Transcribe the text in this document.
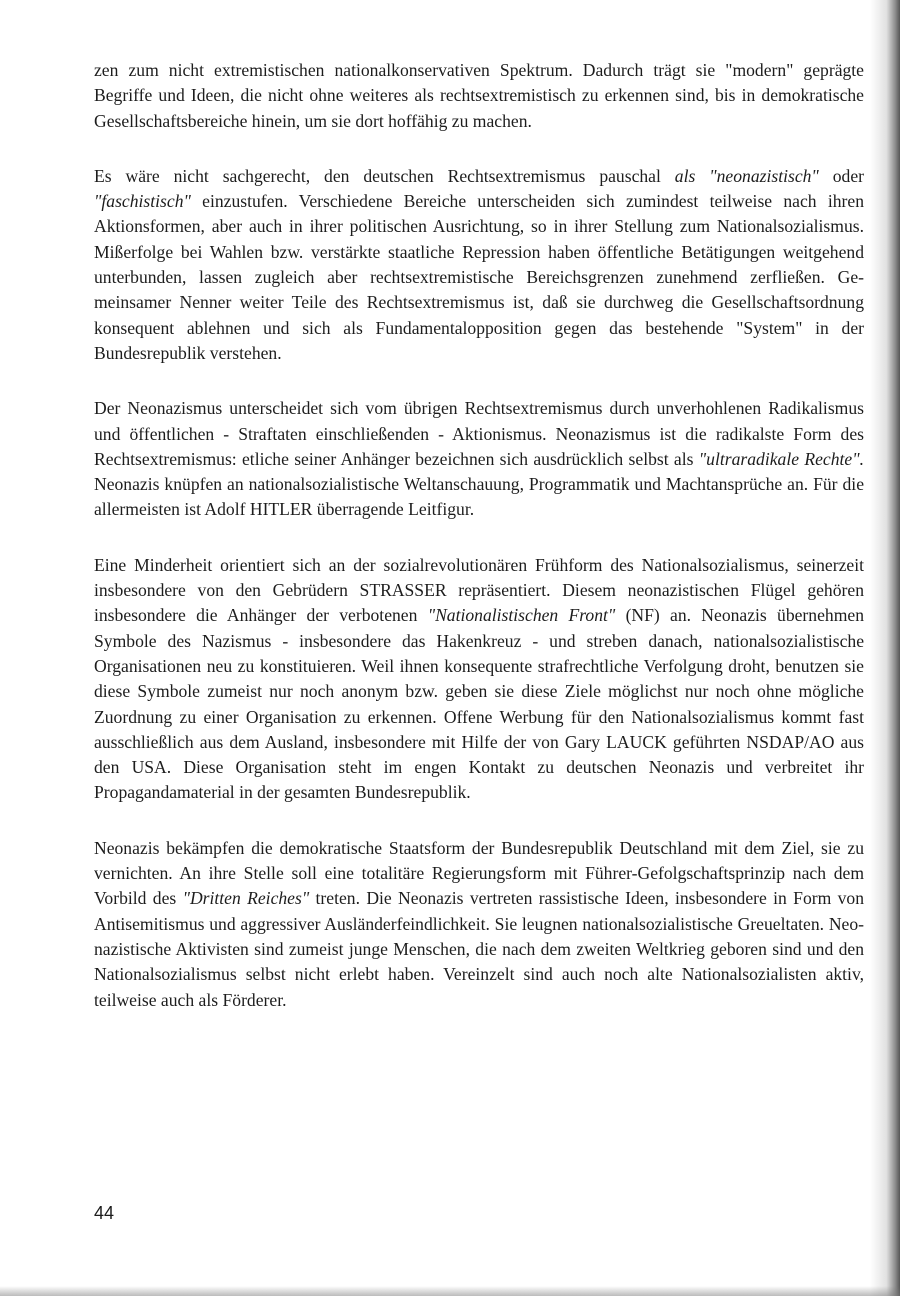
zen zum nicht extremistischen nationalkonservativen Spektrum. Dadurch trägt sie "modern" geprägte Begriffe und Ideen, die nicht ohne weiteres als rechtsextremistisch zu erkennen sind, bis in demokratische Gesellschaftsbereiche hinein, um sie dort hoffähig zu machen.

Es wäre nicht sachgerecht, den deutschen Rechtsextremismus pauschal als "neonazistisch" oder "faschistisch" einzustufen. Verschiedene Bereiche unterscheiden sich zumindest teilweise nach ihren Aktionsformen, aber auch in ihrer politischen Ausrichtung, so in ihrer Stellung zum Nationalsozialismus. Mißerfolge bei Wahlen bzw. verstärkte staatliche Repression haben öffentliche Betätigungen weitgehend unterbunden, lassen zugleich aber rechtsextremistische Bereichsgrenzen zunehmend zerfließen. Gemeinsamer Nenner weiter Teile des Rechtsextremismus ist, daß sie durchweg die Gesellschaftsordnung konsequent ablehnen und sich als Fundamentalopposition gegen das bestehende "System" in der Bundesrepublik verstehen.

Der Neonazismus unterscheidet sich vom übrigen Rechtsextremismus durch unverhohlenen Radikalismus und öffentlichen - Straftaten einschließenden - Aktionismus. Neonazismus ist die radikalste Form des Rechtsextremismus: etliche seiner Anhänger bezeichnen sich ausdrücklich selbst als "ultraradikale Rechte". Neonazis knüpfen an nationalsozialistische Weltanschauung, Programmatik und Machtansprüche an. Für die allermeisten ist Adolf HITLER überragende Leitfigur.

Eine Minderheit orientiert sich an der sozialrevolutionären Frühform des Nationalsozialismus, seinerzeit insbesondere von den Gebrüdern STRASSER repräsentiert. Diesem neonazistischen Flügel gehören insbesondere die Anhänger der verbotenen "Nationalistischen Front" (NF) an. Neonazis übernehmen Symbole des Nazismus - insbesondere das Hakenkreuz - und streben danach, nationalsozialistische Organisationen neu zu konstituieren. Weil ihnen konsequente strafrechtliche Verfolgung droht, benutzen sie diese Symbole zumeist nur noch anonym bzw. geben sie diese Ziele möglichst nur noch ohne mögliche Zuordnung zu einer Organisation zu erkennen. Offene Werbung für den Nationalsozialismus kommt fast ausschließlich aus dem Ausland, insbesondere mit Hilfe der von Gary LAUCK geführten NSDAP/AO aus den USA. Diese Organisation steht im engen Kontakt zu deutschen Neonazis und verbreitet ihr Propagandamaterial in der gesamten Bundesrepublik.

Neonazis bekämpfen die demokratische Staatsform der Bundesrepublik Deutschland mit dem Ziel, sie zu vernichten. An ihre Stelle soll eine totalitäre Regierungsform mit Führer-Gefolgschaftsprinzip nach dem Vorbild des "Dritten Reiches" treten. Die Neonazis vertreten rassistische Ideen, insbesondere in Form von Antisemitismus und aggressiver Ausländerfeindlichkeit. Sie leugnen nationalsozialistische Greueltaten. Neonazistische Aktivisten sind zumeist junge Menschen, die nach dem zweiten Weltkrieg geboren sind und den Nationalsozialismus selbst nicht erlebt haben. Vereinzelt sind auch noch alte Nationalsozialisten aktiv, teilweise auch als Förderer.

44
